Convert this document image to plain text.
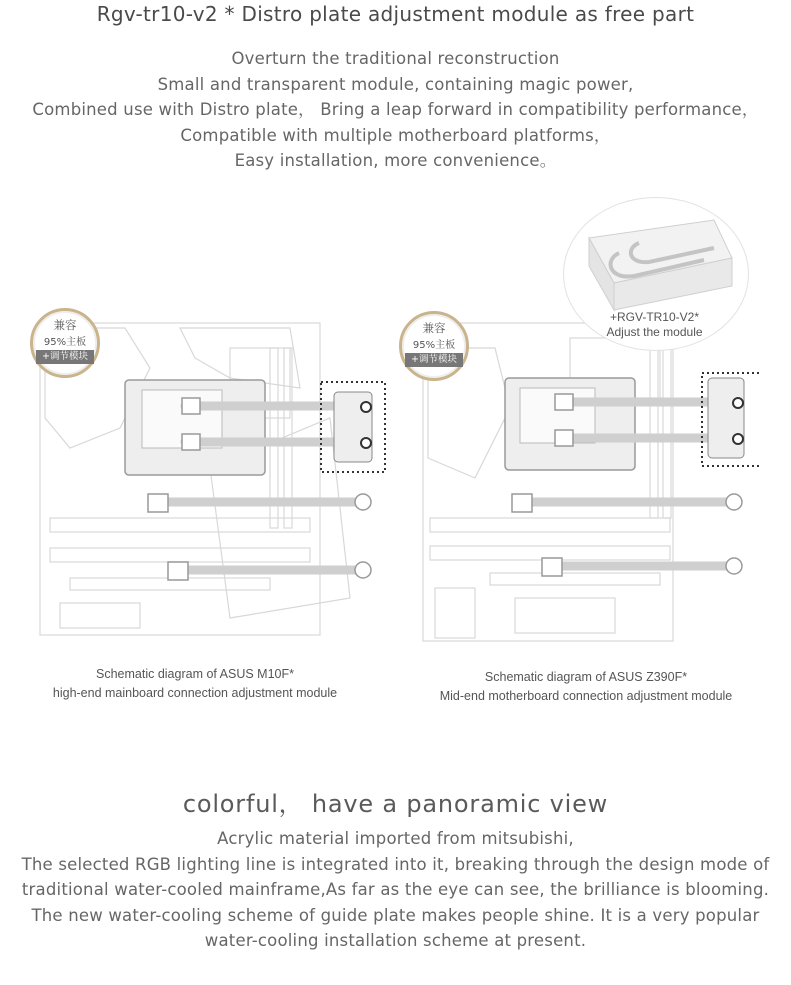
Rgv-tr10-v2 * Distro plate adjustment module as free part
Overturn the traditional reconstruction
Small and transparent module, containing magic power,
Combined use with Distro plate， Bring a leap forward in compatibility performance，
Compatible with multiple motherboard platforms，
Easy installation, more convenience。
+RGV-TR10-V2*
Adjust the module
兼容
95%主板
+调节模块
兼容
95%主板
+调节模块
Schematic diagram of ASUS M10F*
high-end mainboard connection adjustment module
Schematic diagram of ASUS Z390F*
Mid-end motherboard connection adjustment module
colorful， have a panoramic view
Acrylic material imported from mitsubishi,
The selected RGB lighting line is integrated into it, breaking through the design mode of
traditional water-cooled mainframe,As far as the eye can see, the brilliance is blooming.
The new water-cooling scheme of guide plate makes people shine. It is a very popular
water-cooling installation scheme at present.
